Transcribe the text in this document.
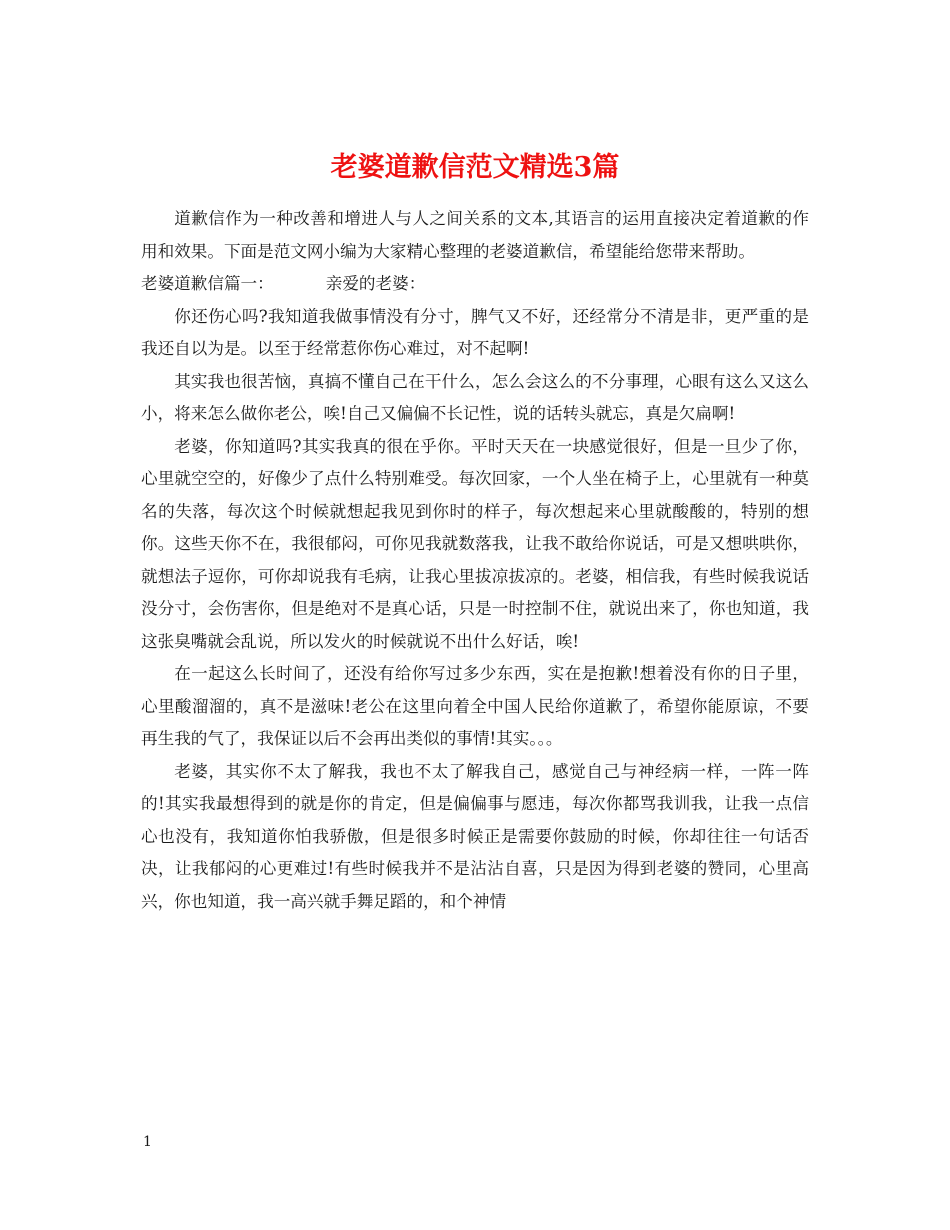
老婆道歉信范文精选3篇

道歉信作为一种改善和增进人与人之间关系的文本,其语言的运用直接决定着道歉的作用和效果。下面是范文网小编为大家精心整理的老婆道歉信，希望能给您带来帮助。

老婆道歉信篇一：	亲爱的老婆：

你还伤心吗?我知道我做事情没有分寸，脾气又不好，还经常分不清是非，更严重的是我还自以为是。以至于经常惹你伤心难过，对不起啊!

其实我也很苦恼，真搞不懂自己在干什么，怎么会这么的不分事理，心眼有这么又这么小，将来怎么做你老公，唉!自己又偏偏不长记性，说的话转头就忘，真是欠扁啊!

老婆，你知道吗?其实我真的很在乎你。平时天天在一块感觉很好，但是一旦少了你，心里就空空的，好像少了点什么特别难受。每次回家，一个人坐在椅子上，心里就有一种莫名的失落，每次这个时候就想起我见到你时的样子，每次想起来心里就酸酸的，特别的想你。这些天你不在，我很郁闷，可你见我就数落我，让我不敢给你说话，可是又想哄哄你，就想法子逗你，可你却说我有毛病，让我心里拔凉拔凉的。老婆，相信我，有些时候我说话没分寸，会伤害你，但是绝对不是真心话，只是一时控制不住，就说出来了，你也知道，我这张臭嘴就会乱说，所以发火的时候就说不出什么好话，唉!

在一起这么长时间了，还没有给你写过多少东西，实在是抱歉!想着没有你的日子里，心里酸溜溜的，真不是滋味!老公在这里向着全中国人民给你道歉了，希望你能原谅，不要再生我的气了，我保证以后不会再出类似的事情!其实。。。

老婆，其实你不太了解我，我也不太了解我自己，感觉自己与神经病一样，一阵一阵的!其实我最想得到的就是你的肯定，但是偏偏事与愿违，每次你都骂我训我，让我一点信心也没有，我知道你怕我骄傲，但是很多时候正是需要你鼓励的时候，你却往往一句话否决，让我郁闷的心更难过!有些时候我并不是沾沾自喜，只是因为得到老婆的赞同，心里高兴，你也知道，我一高兴就手舞足蹈的，和个神情

1
